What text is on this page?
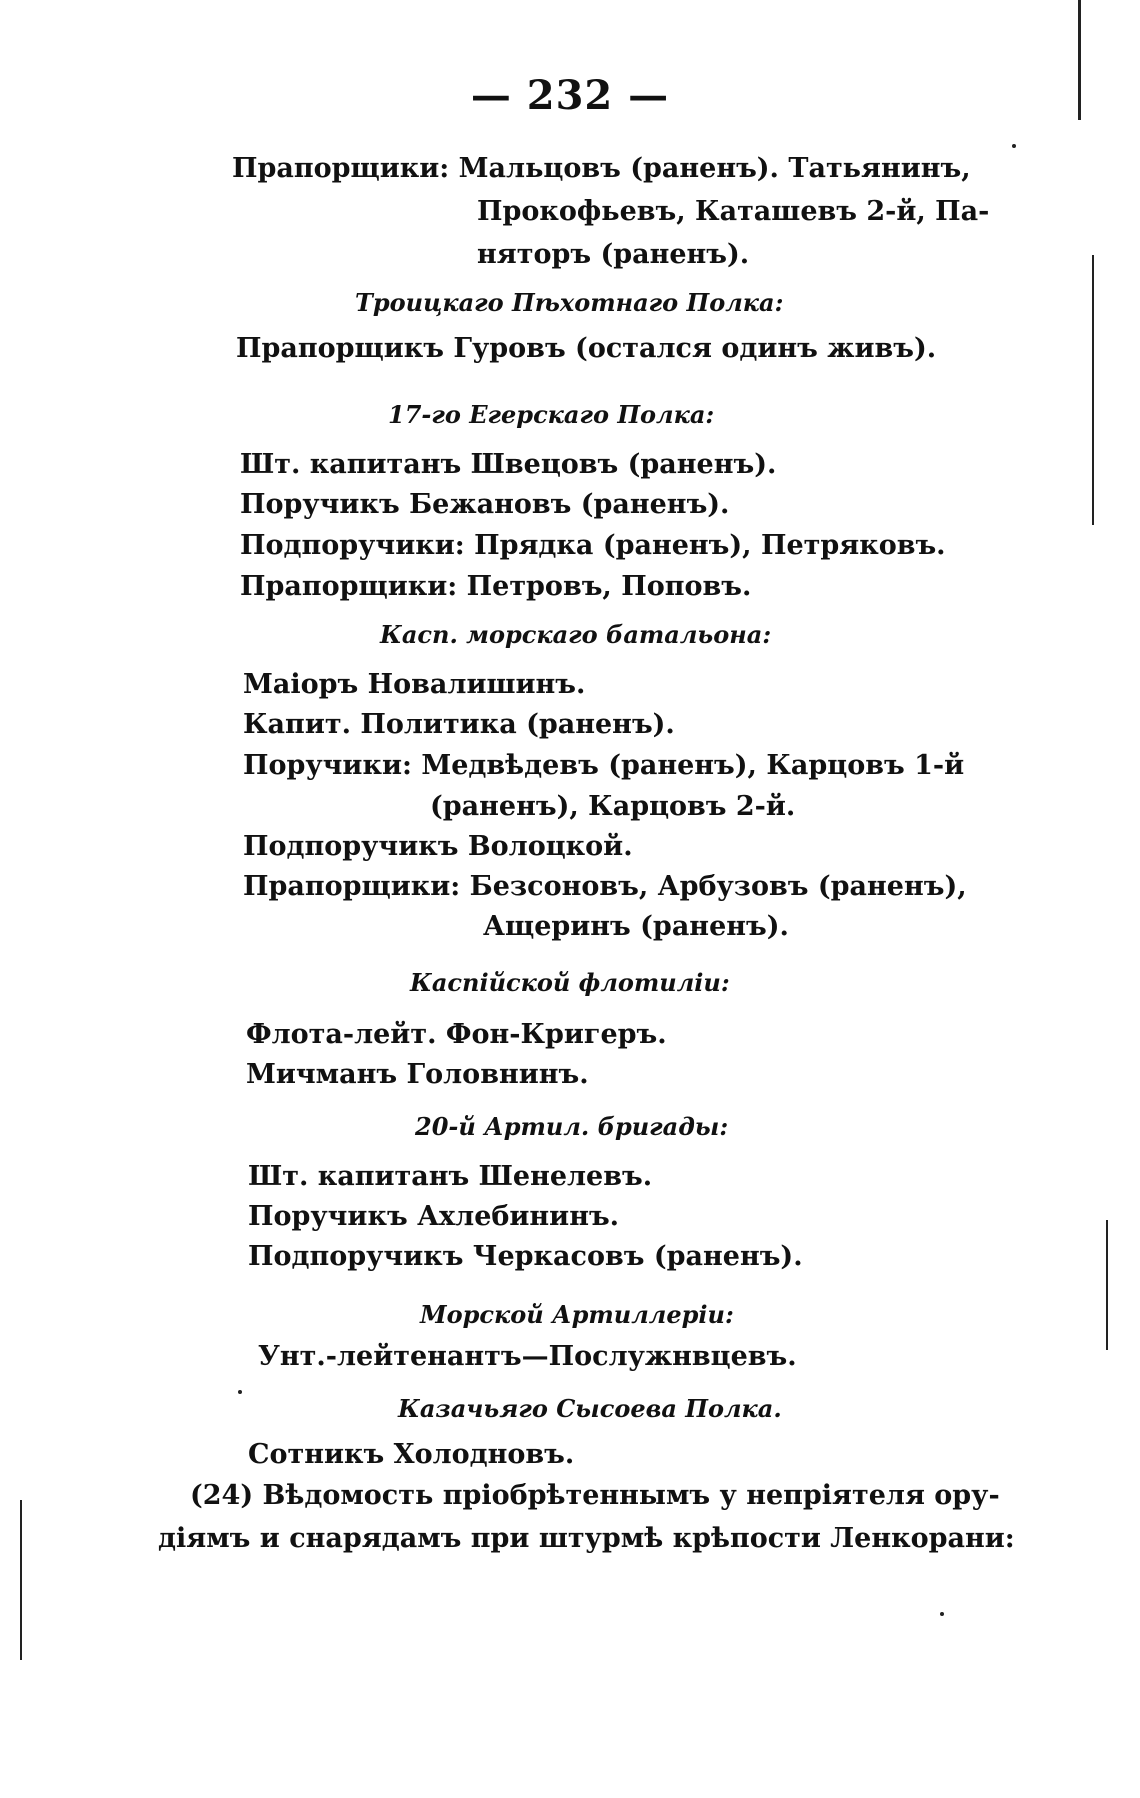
— 232 —
Прапорщики: Мальцовъ (раненъ). Татьянинъ,
Прокофьевъ, Каташевъ 2-й, Па-
няторъ (раненъ).
Троицкаго Пѣхотнаго Полка:
Прапорщикъ Гуровъ (остался одинъ живъ).
17-го Егерскаго Полка:
Шт. капитанъ Швецовъ (раненъ).
Поручикъ Бежановъ (раненъ).
Подпоручики: Прядка (раненъ), Петряковъ.
Прапорщики: Петровъ, Поповъ.
Касп. морскаго батальона:
Маіоръ Новалишинъ.
Капит. Политика (раненъ).
Поручики: Медвѣдевъ (раненъ), Карцовъ 1-й
(раненъ), Карцовъ 2-й.
Подпоручикъ Волоцкой.
Прапорщики: Безсоновъ, Арбузовъ (раненъ),
Ащеринъ (раненъ).
Каспійской флотиліи:
Флота-лейт. Фон-Кригеръ.
Мичманъ Головнинъ.
20-й Артил. бригады:
Шт. капитанъ Шенелевъ.
Поручикъ Ахлебининъ.
Подпоручикъ Черкасовъ (раненъ).
Морской Артиллеріи:
Унт.-лейтенантъ—Послужнвцевъ.
Казачьяго Сысоева Полка.
Сотникъ Холодновъ.
(24) Вѣдомость пріобрѣтеннымъ у непріятеля ору-
діямъ и снарядамъ при штурмѣ крѣпости Ленкорани:
